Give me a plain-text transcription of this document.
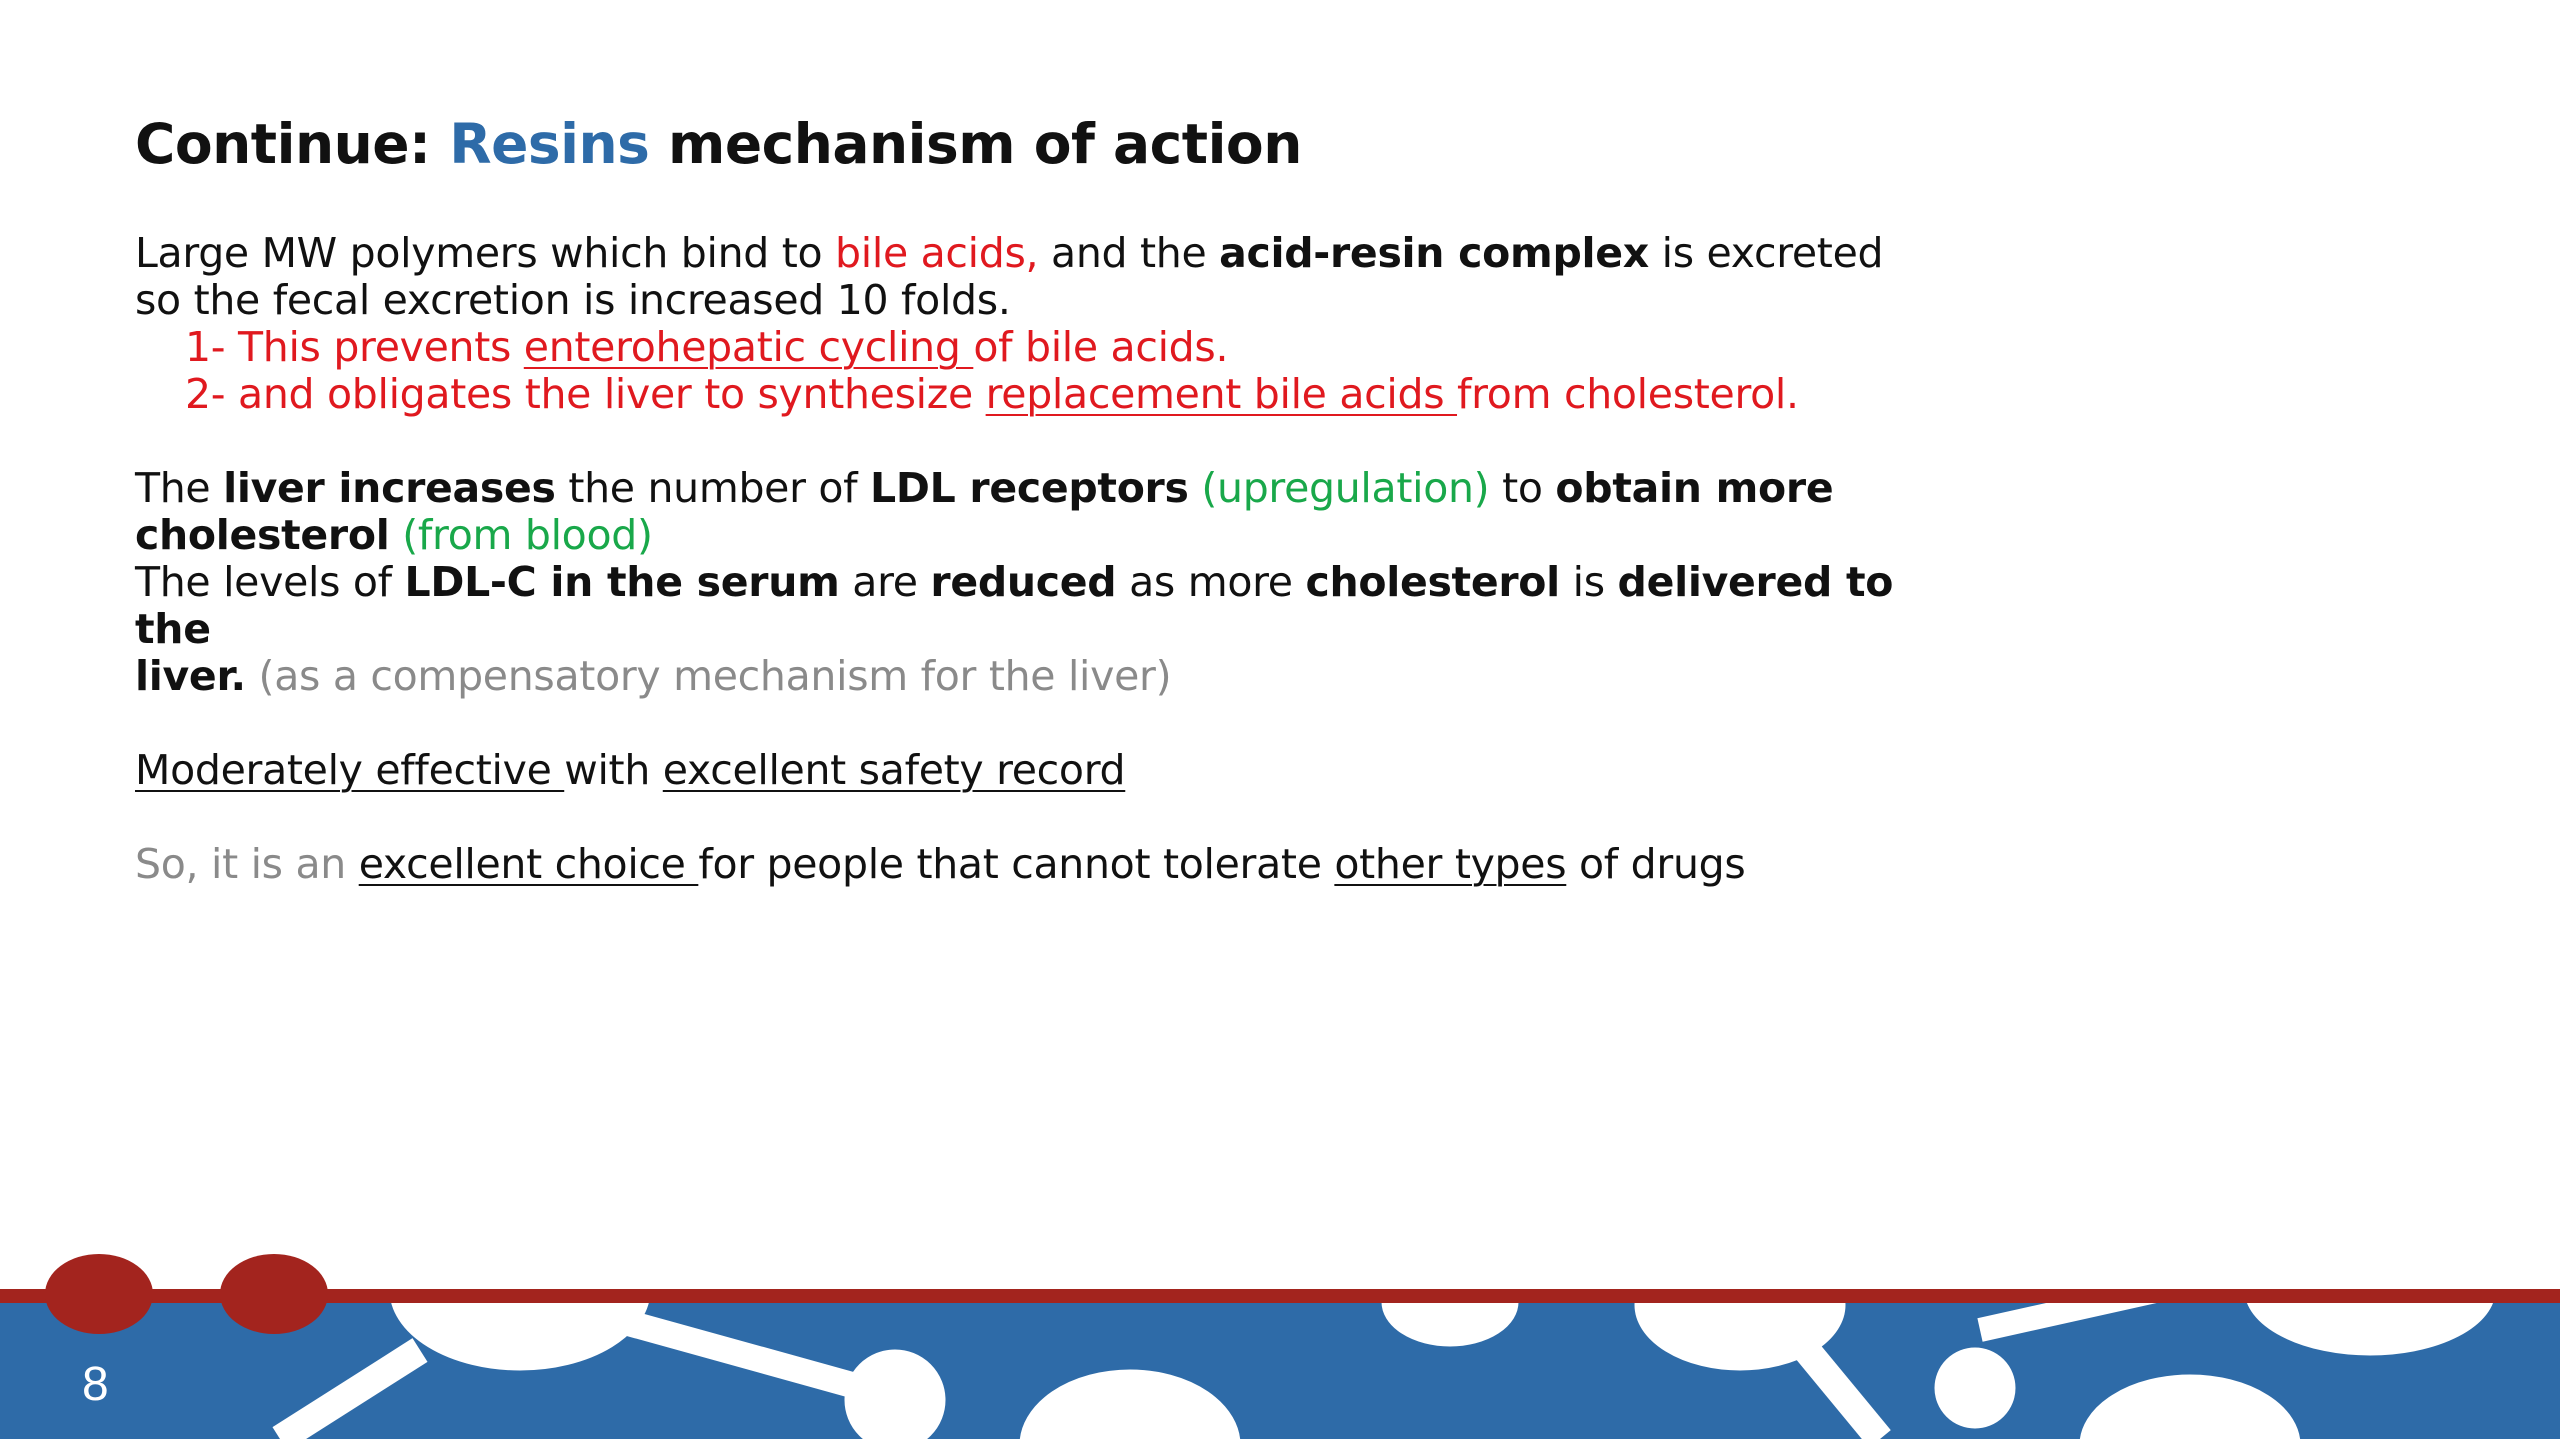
Continue: Resins mechanism of action

Large MW polymers which bind to bile acids, and the acid-resin complex is excreted

so the fecal excretion is increased 10 folds.

1- This prevents enterohepatic cycling of bile acids.

2- and obligates the liver to synthesize replacement bile acids from cholesterol.

The liver increases the number of LDL receptors (upregulation) to obtain more

cholesterol (from blood)

The levels of LDL-C in the serum are reduced as more cholesterol is delivered to the

liver. (as a compensatory mechanism for the liver)

Moderately effective with excellent safety record

So, it is an excellent choice for people that cannot tolerate other types of drugs

8
